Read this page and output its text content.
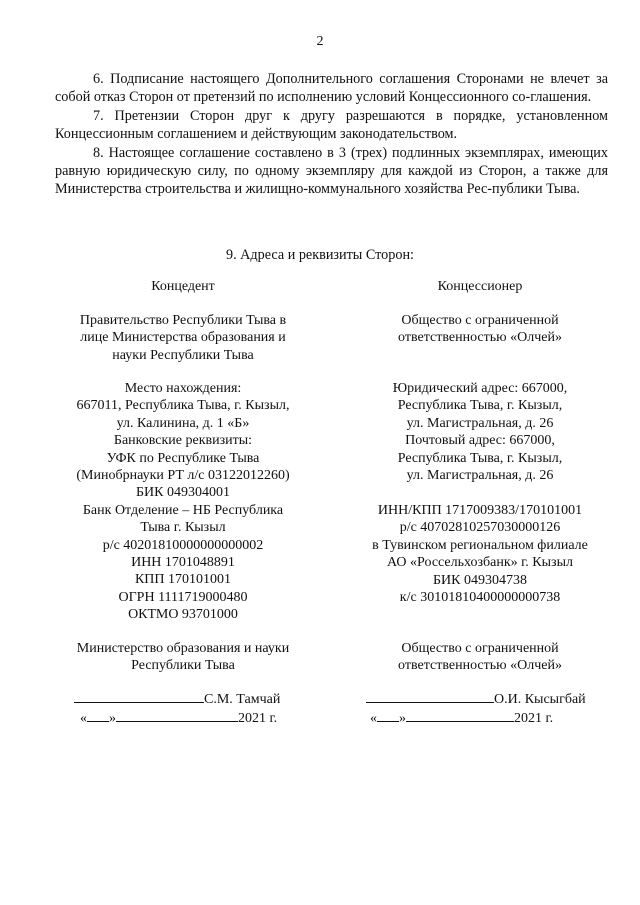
2

6. Подписание настоящего Дополнительного соглашения Сторонами не влечет за собой отказ Сторон от претензий по исполнению условий Концессионного со-глашения.

7. Претензии Сторон друг к другу разрешаются в порядке, установленном Концессионным соглашением и действующим законодательством.

8. Настоящее соглашение составлено в 3 (трех) подлинных экземплярах, имеющих равную юридическую силу, по одному экземпляру для каждой из Сторон, а также для Министерства строительства и жилищно-коммунального хозяйства Рес-публики Тыва.

9. Адреса и реквизиты Сторон:
Концедент
Правительство Республики Тыва в
лице Министерства образования и
науки Республики Тыва
Место нахождения:
667011, Республика Тыва, г. Кызыл,
ул. Калинина, д. 1 «Б»
Банковские реквизиты:
УФК по Республике Тыва
(Минобрнауки РТ л/с 03122012260)
БИК 049304001
Банк Отделение – НБ Республика
Тыва г. Кызыл
р/с 40201810000000000002
ИНН 1701048891
КПП 170101001
ОГРН 1111719000480
ОКТМО 93701000
Концессионер
Общество с ограниченной
ответственностью «Олчей»
Юридический адрес: 667000,
Республика Тыва, г. Кызыл,
ул. Магистральная, д. 26
Почтовый адрес: 667000,
Республика Тыва, г. Кызыл,
ул. Магистральная, д. 26
ИНН/КПП 1717009383/170101001
р/с 40702810257030000126
в Тувинском региональном филиале
АО «Россельхозбанк» г. Кызыл
БИК 049304738
к/с 30101810400000000738
Министерство образования и науки
Республики Тыва
Общество с ограниченной
ответственностью «Олчей»
С.М. Тамчай
« »	2021 г.
О.И. Кысыгбай
« »	2021 г.
